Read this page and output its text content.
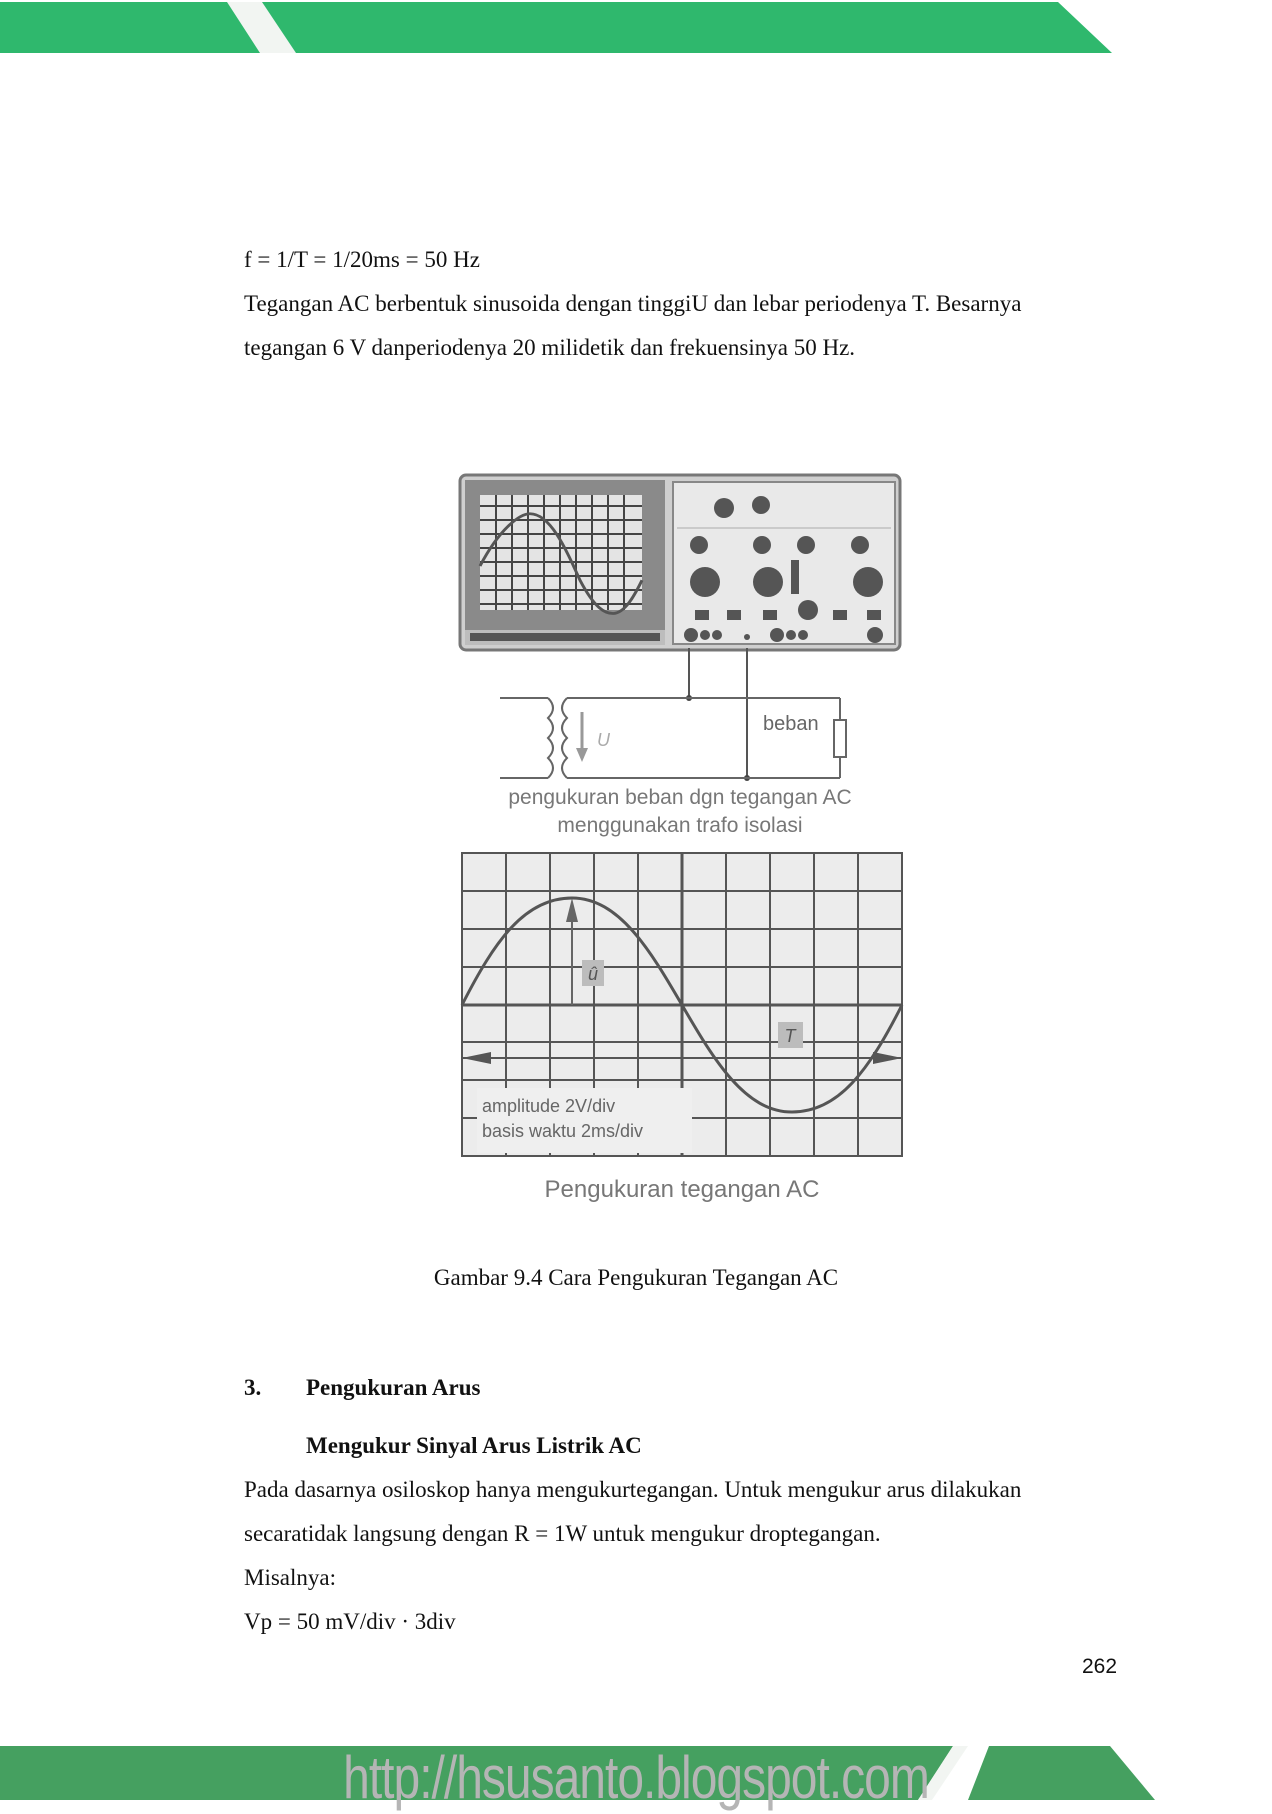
f = 1/T = 1/20ms = 50 Hz
Tegangan AC berbentuk sinusoida dengan tinggiU dan lebar periodenya T. Besarnya
tegangan 6 V danperiodenya 20 milidetik dan frekuensinya 50 Hz.
U
beban
pengukuran beban dgn tegangan AC
menggunakan trafo isolasi
û
T
amplitude 2V/div
basis waktu 2ms/div
Pengukuran tegangan AC
Gambar 9.4 Cara Pengukuran Tegangan AC
3. Pengukuran Arus
Mengukur Sinyal Arus Listrik AC
Pada dasarnya osiloskop hanya mengukurtegangan. Untuk mengukur arus dilakukan
secaratidak langsung dengan R = 1W untuk mengukur droptegangan.
Misalnya:
Vp = 50 mV/div · 3div
262
http://hsusanto.blogspot.com
